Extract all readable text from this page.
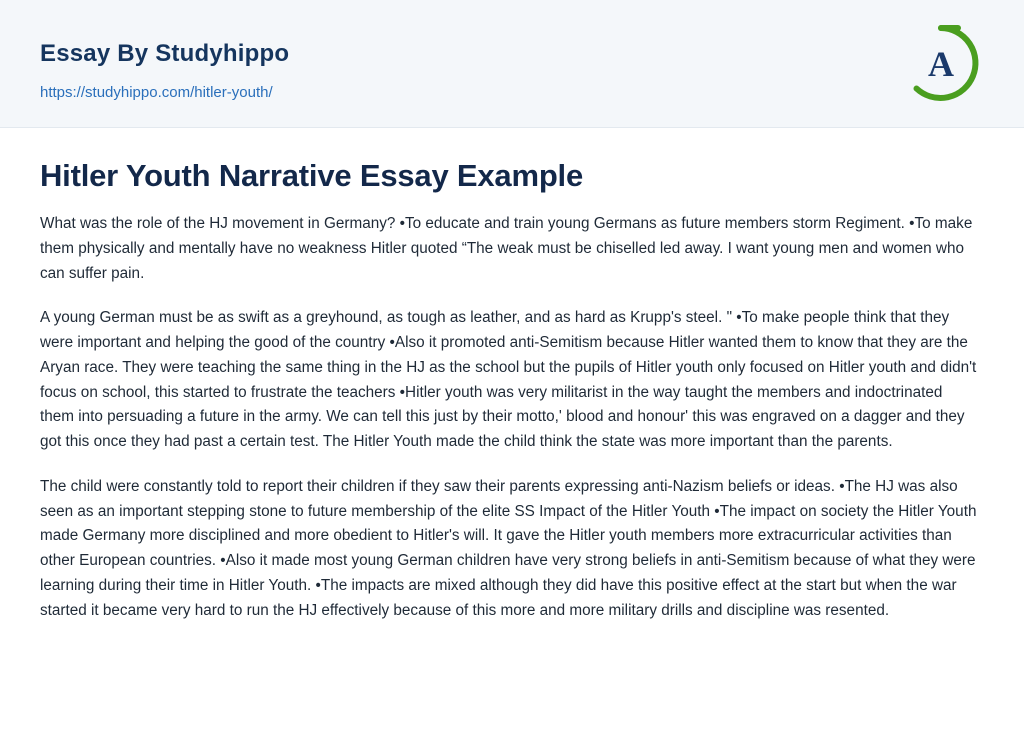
Essay By Studyhippo
https://studyhippo.com/hitler-youth/
A
Hitler Youth Narrative Essay Example

What was the role of the HJ movement in Germany? •To educate and train young Germans as future members storm Regiment. •To make them physically and mentally have no weakness Hitler quoted “The weak must be chiselled led away. I want young men and women who can suffer pain.

A young German must be as swift as a greyhound, as tough as leather, and as hard as Krupp's steel. " •To make people think that they were important and helping the good of the country •Also it promoted anti-Semitism because Hitler wanted them to know that they are the Aryan race. They were teaching the same thing in the HJ as the school but the pupils of Hitler youth only focused on Hitler youth and didn't focus on school, this started to frustrate the teachers •Hitler youth was very militarist in the way taught the members and indoctrinated them into persuading a future in the army. We can tell this just by their motto,' blood and honour' this was engraved on a dagger and they got this once they had past a certain test. The Hitler Youth made the child think the state was more important than the parents.

The child were constantly told to report their children if they saw their parents expressing anti-Nazism beliefs or ideas. •The HJ was also seen as an important stepping stone to future membership of the elite SS Impact of the Hitler Youth •The impact on society the Hitler Youth made Germany more disciplined and more obedient to Hitler's will. It gave the Hitler youth members more extracurricular activities than other European countries. •Also it made most young German children have very strong beliefs in anti-Semitism because of what they were learning during their time in Hitler Youth. •The impacts are mixed although they did have this positive effect at the start but when the war started it became very hard to run the HJ effectively because of this more and more military drills and discipline was resented.
